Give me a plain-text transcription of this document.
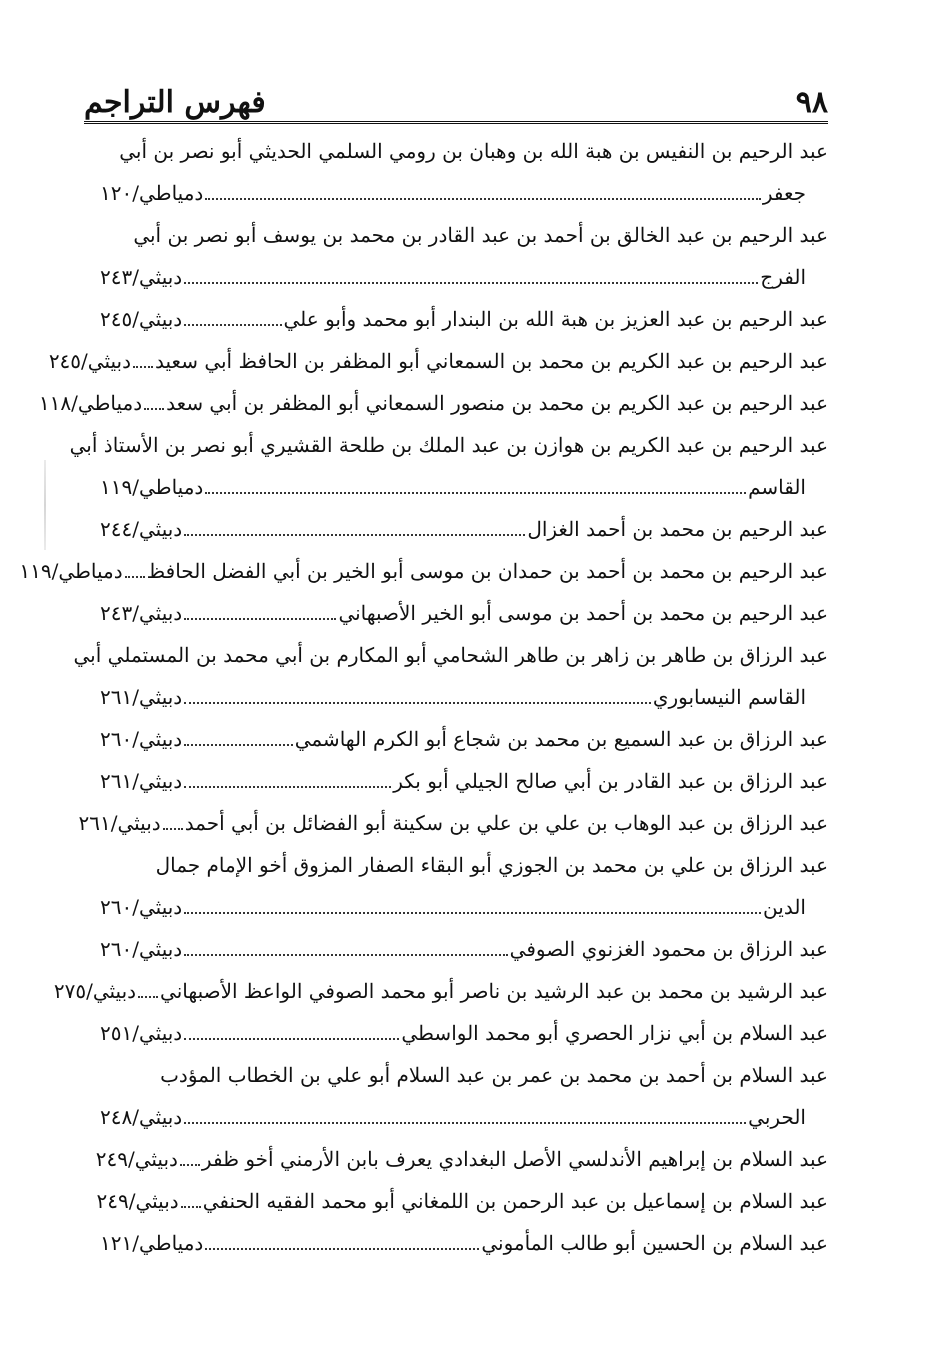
٩٨
فهرس التراجم
عبد الرحيم بن النفيس بن هبة الله بن وهبان بن رومي السلمي الحديثي أبو نصر بن أبي
جعفر
دمياطي/١٢٠
عبد الرحيم بن عبد الخالق بن أحمد بن عبد القادر بن محمد بن يوسف أبو نصر بن أبي
الفرج
دبيثي/٢٤٣
عبد الرحيم بن عبد العزيز بن هبة الله بن البندار أبو محمد وأبو علي
دبيثي/٢٤٥
عبد الرحيم بن عبد الكريم بن محمد بن السمعاني أبو المظفر بن الحافظ أبي سعيد
دبيثي/٢٤٥
عبد الرحيم بن عبد الكريم بن محمد بن منصور السمعاني أبو المظفر بن أبي سعد
دمياطي/١١٨
عبد الرحيم بن عبد الكريم بن هوازن بن عبد الملك بن طلحة القشيري أبو نصر بن الأستاذ أبي
القاسم
دمياطي/١١٩
عبد الرحيم بن محمد بن أحمد الغزال
دبيثي/٢٤٤
عبد الرحيم بن محمد بن أحمد بن حمدان بن موسى أبو الخير بن أبي الفضل الحافظ
دمياطي/١١٩
عبد الرحيم بن محمد بن أحمد بن موسى أبو الخير الأصبهاني
دبيثي/٢٤٣
عبد الرزاق بن طاهر بن زاهر بن طاهر الشحامي أبو المكارم بن أبي محمد بن المستملي أبي
القاسم النيسابوري
دبيثي/٢٦١
عبد الرزاق بن عبد السميع بن محمد بن شجاع أبو الكرم الهاشمي
دبيثي/٢٦٠
عبد الرزاق بن عبد القادر بن أبي صالح الجيلي أبو بكر
دبيثي/٢٦١
عبد الرزاق بن عبد الوهاب بن علي بن علي بن سكينة أبو الفضائل بن أبي أحمد
دبيثي/٢٦١
عبد الرزاق بن علي بن محمد بن الجوزي أبو البقاء الصفار المزوق أخو الإمام جمال
الدين
دبيثي/٢٦٠
عبد الرزاق بن محمود الغزنوي الصوفي
دبيثي/٢٦٠
عبد الرشيد بن محمد بن عبد الرشيد بن ناصر أبو محمد الصوفي الواعظ الأصبهاني
دبيثي/٢٧٥
عبد السلام بن أبي نزار الحصري أبو محمد الواسطي
دبيثي/٢٥١
عبد السلام بن أحمد بن محمد بن عمر بن عبد السلام أبو علي بن الخطاب المؤدب
الحربي
دبيثي/٢٤٨
عبد السلام بن إبراهيم الأندلسي الأصل البغدادي يعرف بابن الأرمني أخو ظفر
دبيثي/٢٤٩
عبد السلام بن إسماعيل بن عبد الرحمن بن اللمغاني أبو محمد الفقيه الحنفي
دبيثي/٢٤٩
عبد السلام بن الحسين أبو طالب المأموني
دمياطي/١٢١
